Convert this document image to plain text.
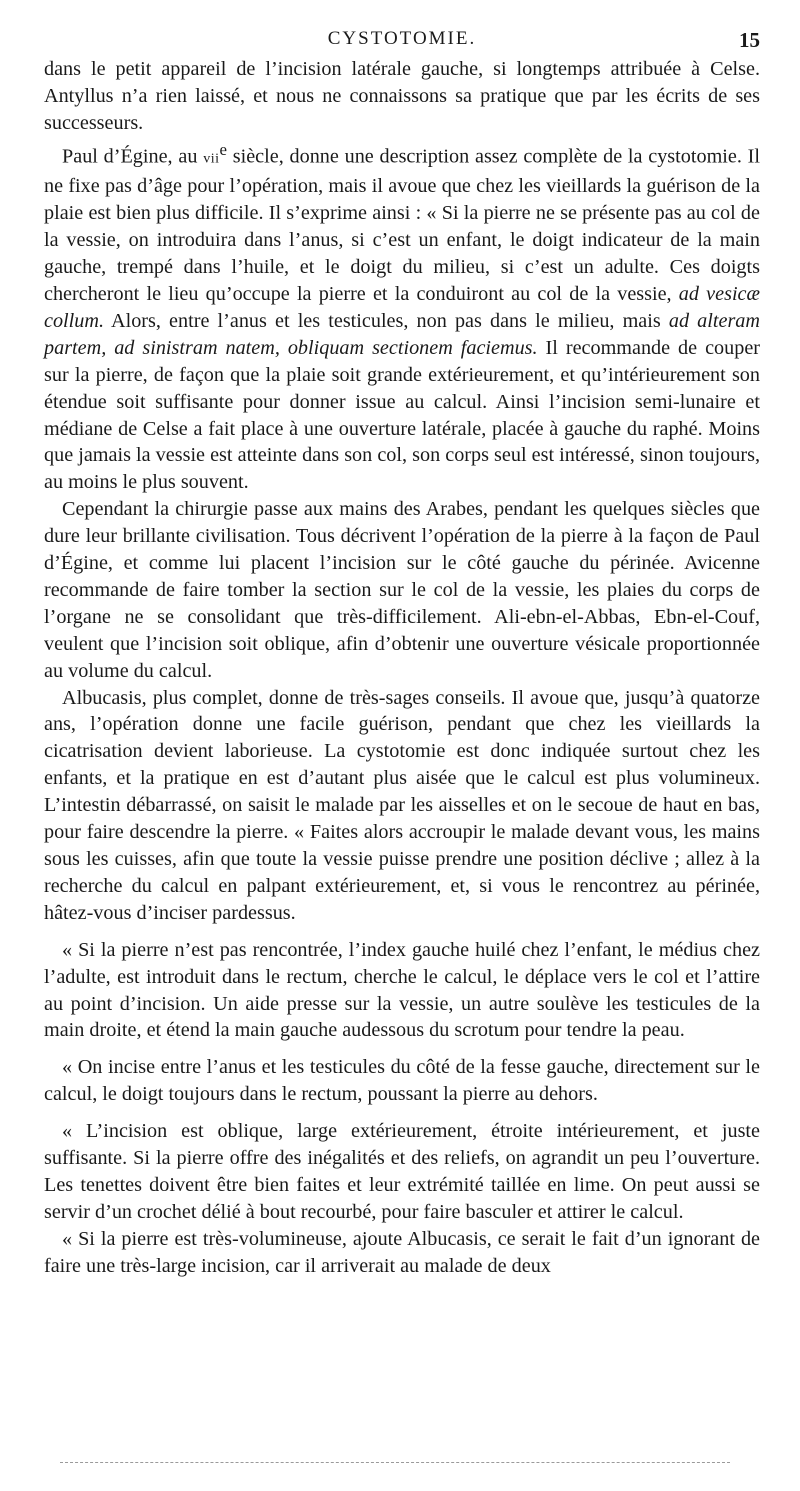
CYSTOTOMIE.	15

dans le petit appareil de l’incision latérale gauche, si longtemps attribuée à Celse. Antyllus n’a rien laissé, et nous ne connaissons sa pratique que par les écrits de ses successeurs.

Paul d’Égine, au vii$^e$ siècle, donne une description assez complète de la cystotomie. Il ne fixe pas d’âge pour l’opération, mais il avoue que chez les vieillards la guérison de la plaie est bien plus difficile. Il s’exprime ainsi : « Si la pierre ne se présente pas au col de la vessie, on introduira dans l’anus, si c’est un enfant, le doigt indicateur de la main gauche, trempé dans l’huile, et le doigt du milieu, si c’est un adulte. Ces doigts chercheront le lieu qu’occupe la pierre et la conduiront au col de la vessie, ad vesicæ collum. Alors, entre l’anus et les testicules, non pas dans le milieu, mais ad alteram partem, ad sinistram natem, obliquam sectionem faciemus. Il recommande de couper sur la pierre, de façon que la plaie soit grande extérieurement, et qu’intérieurement son étendue soit suffisante pour donner issue au calcul. Ainsi l’incision semi-lunaire et médiane de Celse a fait place à une ouverture latérale, placée à gauche du raphé. Moins que jamais la vessie est atteinte dans son col, son corps seul est intéressé, sinon toujours, au moins le plus souvent.

Cependant la chirurgie passe aux mains des Arabes, pendant les quelques siècles que dure leur brillante civilisation. Tous décrivent l’opération de la pierre à la façon de Paul d’Égine, et comme lui placent l’incision sur le côté gauche du périnée. Avicenne recommande de faire tomber la section sur le col de la vessie, les plaies du corps de l’organe ne se consolidant que très-difficilement. Ali-ebn-el-Abbas, Ebn-el-Couf, veulent que l’incision soit oblique, afin d’obtenir une ouverture vésicale proportionnée au volume du calcul.

Albucasis, plus complet, donne de très-sages conseils. Il avoue que, jusqu’à quatorze ans, l’opération donne une facile guérison, pendant que chez les vieillards la cicatrisation devient laborieuse. La cystotomie est donc indiquée surtout chez les enfants, et la pratique en est d’autant plus aisée que le calcul est plus volumineux. L’intestin débarrassé, on saisit le malade par les aisselles et on le secoue de haut en bas, pour faire descendre la pierre. « Faites alors accroupir le malade devant vous, les mains sous les cuisses, afin que toute la vessie puisse prendre une position déclive ; allez à la recherche du calcul en palpant extérieurement, et, si vous le rencontrez au périnée, hâtez-vous d’inciser pardessus.

« Si la pierre n’est pas rencontrée, l’index gauche huilé chez l’enfant, le médius chez l’adulte, est introduit dans le rectum, cherche le calcul, le déplace vers le col et l’attire au point d’incision. Un aide presse sur la vessie, un autre soulève les testicules de la main droite, et étend la main gauche audessous du scrotum pour tendre la peau.

« On incise entre l’anus et les testicules du côté de la fesse gauche, directement sur le calcul, le doigt toujours dans le rectum, poussant la pierre au dehors.

« L’incision est oblique, large extérieurement, étroite intérieurement, et juste suffisante. Si la pierre offre des inégalités et des reliefs, on agrandit un peu l’ouverture. Les tenettes doivent être bien faites et leur extrémité taillée en lime. On peut aussi se servir d’un crochet délié à bout recourbé, pour faire basculer et attirer le calcul.

« Si la pierre est très-volumineuse, ajoute Albucasis, ce serait le fait d’un ignorant de faire une très-large incision, car il arriverait au malade de deux
